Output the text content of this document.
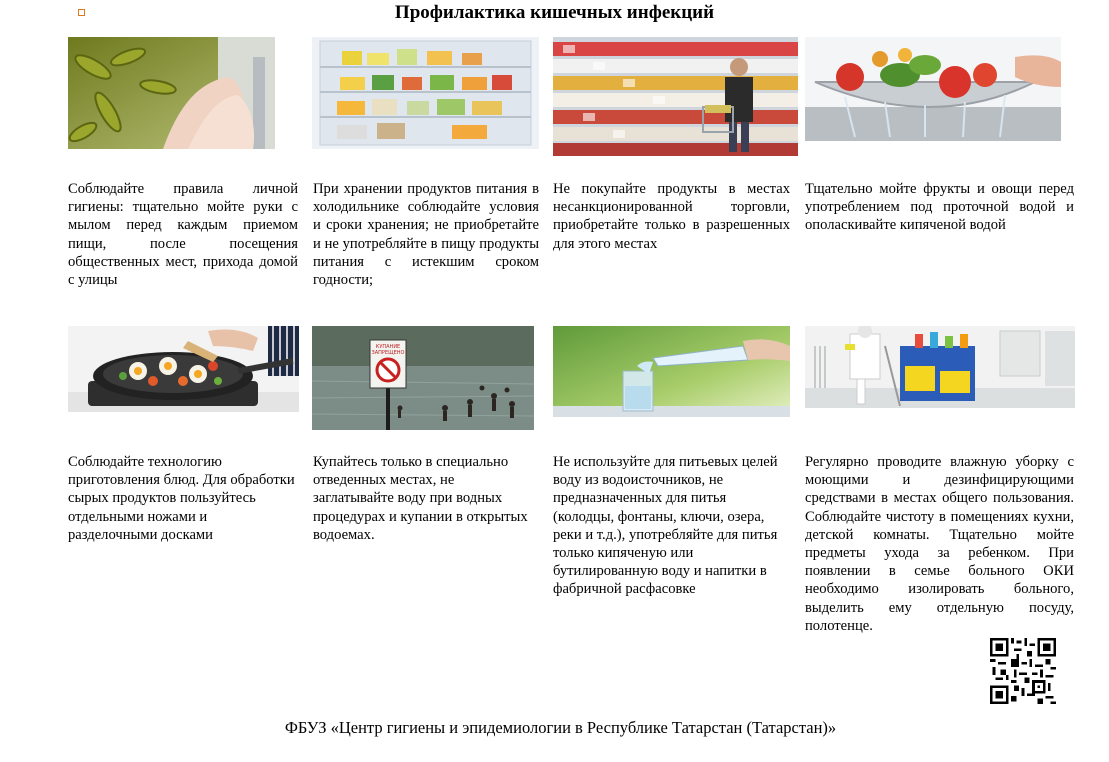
Профилактика кишечных инфекций
Соблюдайте правила личной гигиены: тщательно мойте руки с мылом перед каждым приемом пищи, после посещения общественных мест, прихода домой с улицы
При хранении продуктов питания в холодильнике соблюдайте условия и сроки хранения; не приобретайте и не употребляйте в пищу продукты питания с истекшим сроком годности;
Не покупайте продукты в местах несанкционированной торговли, приобретайте только в разрешенных для этого местах
Тщательно мойте фрукты и овощи перед употреблением под проточной водой и ополаскивайте кипяченой водой
КУПАНИЕ
ЗАПРЕЩЕНО
Соблюдайте технологию приготовления блюд. Для обработки сырых продуктов пользуйтесь отдельными ножами и разделочными досками
Купайтесь только в специально отведенных местах, не заглатывайте воду при водных процедурах и купании в открытых водоемах.
Не используйте для питьевых целей воду из водоисточников, не предназначенных для питья (колодцы, фонтаны, ключи, озера, реки и т.д.), употребляйте для питья только кипяченую или бутилированную воду и напитки в фабричной расфасовке
Регулярно проводите влажную уборку с моющими и дезинфицирующими средствами в местах общего пользования. Соблюдайте чистоту в помещениях кухни, детской комнаты. Тщательно мойте предметы ухода за ребенком. При появлении в семье больного ОКИ необходимо изолировать больного, выделить ему отдельную посуду, полотенце.
ФБУЗ «Центр гигиены и эпидемиологии в Республике Татарстан (Татарстан)»
